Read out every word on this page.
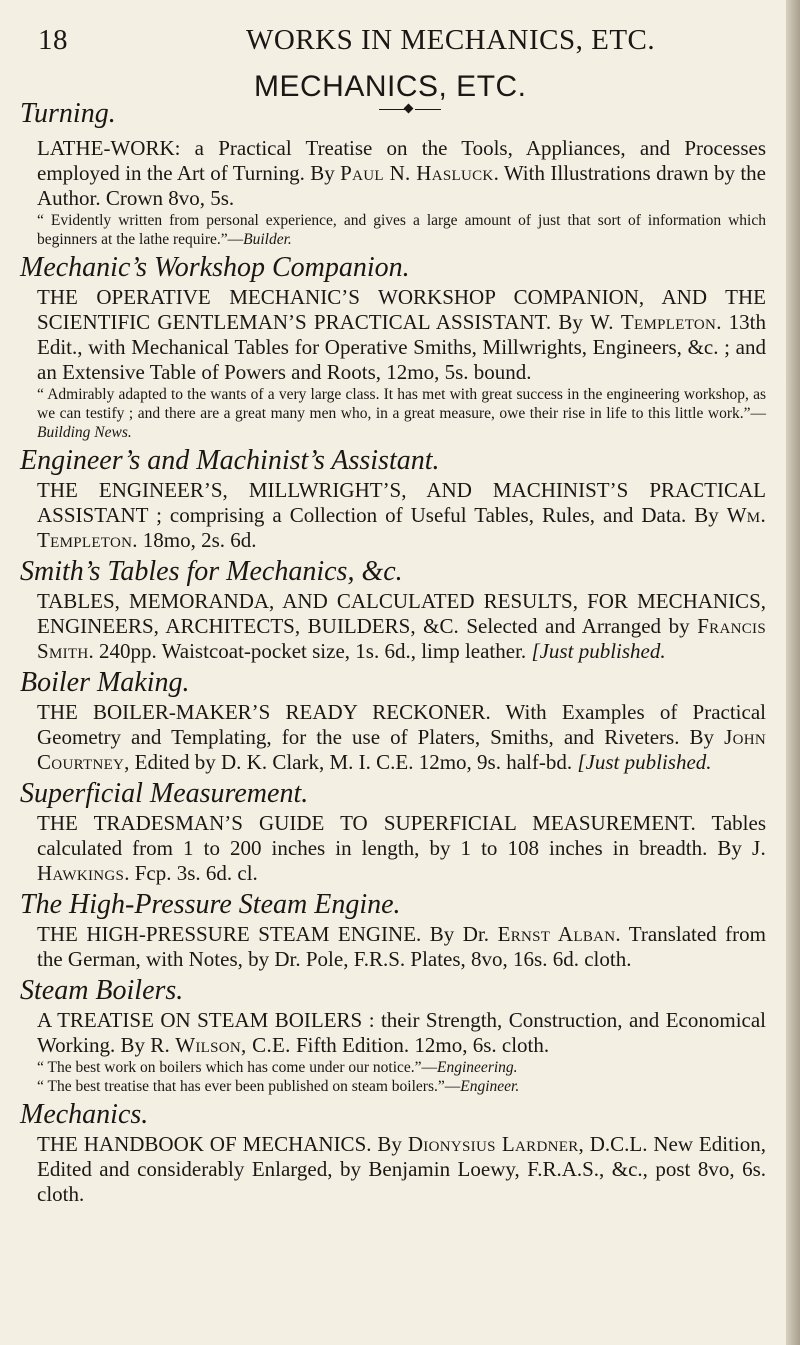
18	WORKS IN MECHANICS, ETC.
Turning.
MECHANICS, ETC.
LATHE-WORK: a Practical Treatise on the Tools, Appliances, and Processes employed in the Art of Turning. By Paul N. Hasluck. With Illustrations drawn by the Author. Crown 8vo, 5s.
“ Evidently written from personal experience, and gives a large amount of just that sort of information which beginners at the lathe require.”—Builder.
Mechanic’s Workshop Companion.
THE OPERATIVE MECHANIC’S WORKSHOP COMPANION, AND THE SCIENTIFIC GENTLEMAN’S PRACTICAL ASSISTANT. By W. Templeton. 13th Edit., with Mechanical Tables for Operative Smiths, Millwrights, Engineers, &c. ; and an Extensive Table of Powers and Roots, 12mo, 5s. bound.
“ Admirably adapted to the wants of a very large class. It has met with great success in the engineering workshop, as we can testify ; and there are a great many men who, in a great measure, owe their rise in life to this little work.”—Building News.
Engineer’s and Machinist’s Assistant.
THE ENGINEER’S, MILLWRIGHT’S, AND MACHINIST’S PRACTICAL ASSISTANT ; comprising a Collection of Useful Tables, Rules, and Data. By Wm. Templeton. 18mo, 2s. 6d.
Smith’s Tables for Mechanics, &c.
TABLES, MEMORANDA, AND CALCULATED RESULTS, FOR MECHANICS, ENGINEERS, ARCHITECTS, BUILDERS, &C. Selected and Arranged by Francis Smith. 240pp. Waistcoat-pocket size, 1s. 6d., limp leather. [Just published.
Boiler Making.
THE BOILER-MAKER’S READY RECKONER. With Examples of Practical Geometry and Templating, for the use of Platers, Smiths, and Riveters. By John Courtney, Edited by D. K. Clark, M. I. C.E. 12mo, 9s. half-bd. [Just published.
Superficial Measurement.
THE TRADESMAN’S GUIDE TO SUPERFICIAL MEASUREMENT. Tables calculated from 1 to 200 inches in length, by 1 to 108 inches in breadth. By J. Hawkings. Fcp. 3s. 6d. cl.
The High-Pressure Steam Engine.
THE HIGH-PRESSURE STEAM ENGINE. By Dr. Ernst Alban. Translated from the German, with Notes, by Dr. Pole, F.R.S. Plates, 8vo, 16s. 6d. cloth.
Steam Boilers.
A TREATISE ON STEAM BOILERS : their Strength, Construction, and Economical Working. By R. Wilson, C.E. Fifth Edition. 12mo, 6s. cloth.
“ The best work on boilers which has come under our notice.”—Engineering.
“ The best treatise that has ever been published on steam boilers.”—Engineer.
Mechanics.
THE HANDBOOK OF MECHANICS. By Dionysius Lardner, D.C.L. New Edition, Edited and considerably Enlarged, by Benjamin Loewy, F.R.A.S., &c., post 8vo, 6s. cloth.
